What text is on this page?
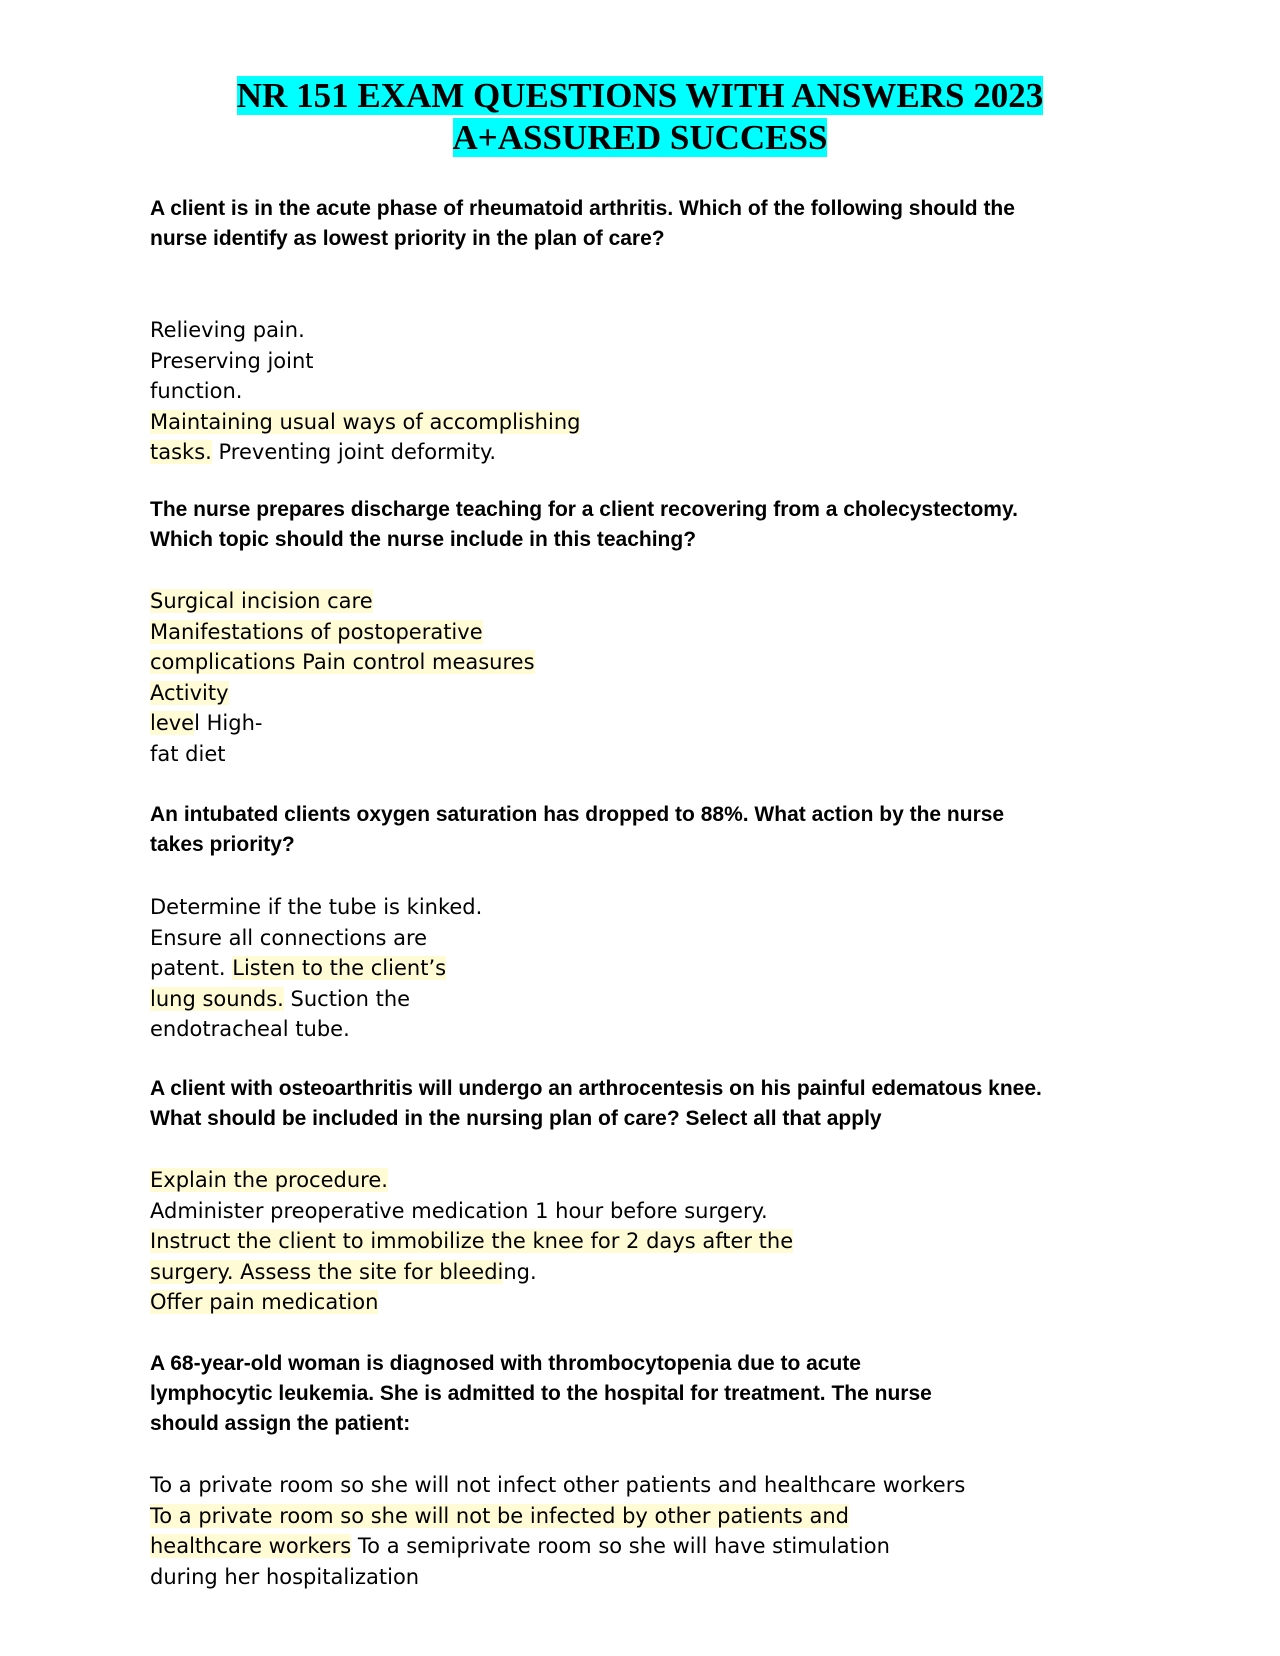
NR 151 EXAM QUESTIONS WITH ANSWERS 2023
A+ASSURED SUCCESS
A client is in the acute phase of rheumatoid arthritis. Which of the following should the
nurse identify as lowest priority in the plan of care?
Relieving pain.
Preserving joint
function.
Maintaining usual ways of accomplishing
tasks. Preventing joint deformity.
The nurse prepares discharge teaching for a client recovering from a cholecystectomy.
Which topic should the nurse include in this teaching?
Surgical incision care
Manifestations of postoperative
complications Pain control measures
Activity
level High-
fat diet
An intubated clients oxygen saturation has dropped to 88%. What action by the nurse
takes priority?
Determine if the tube is kinked.
Ensure all connections are
patent. Listen to the client’s
lung sounds. Suction the
endotracheal tube.
A client with osteoarthritis will undergo an arthrocentesis on his painful edematous knee.
What should be included in the nursing plan of care? Select all that apply
Explain the procedure.
Administer preoperative medication 1 hour before surgery.
Instruct the client to immobilize the knee for 2 days after the
surgery. Assess the site for bleeding.
Offer pain medication
A 68-year-old woman is diagnosed with thrombocytopenia due to acute
lymphocytic leukemia. She is admitted to the hospital for treatment. The nurse
should assign the patient:
To a private room so she will not infect other patients and healthcare workers
To a private room so she will not be infected by other patients and
healthcare workers To a semiprivate room so she will have stimulation
during her hospitalization
